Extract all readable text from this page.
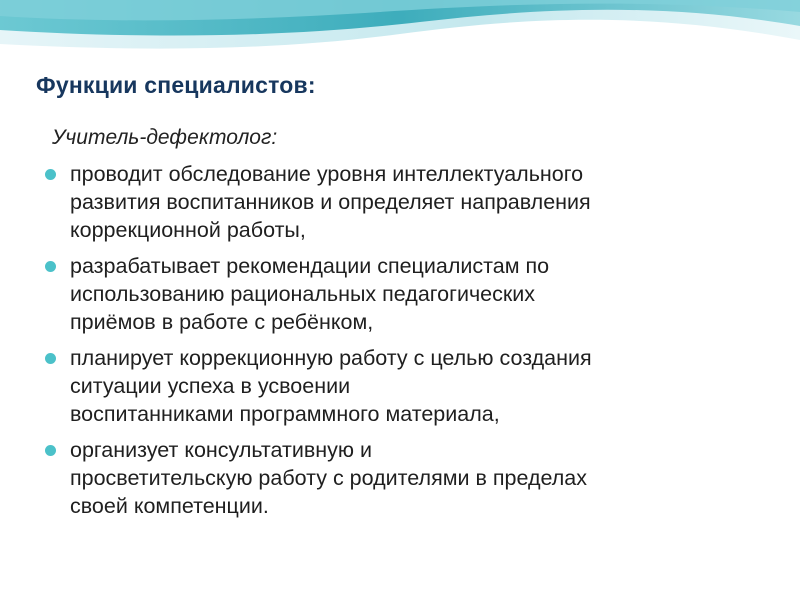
Функции специалистов:
Учитель-дефектолог:
проводит обследование уровня интеллектуального
развития воспитанников и определяет направления
коррекционной работы,
разрабатывает рекомендации специалистам по
использованию рациональных педагогических
приёмов в работе с ребёнком,
планирует коррекционную работу с целью создания
ситуации успеха в усвоении
воспитанниками программного материала,
организует консультативную и
просветительскую работу с родителями в пределах
своей компетенции.
